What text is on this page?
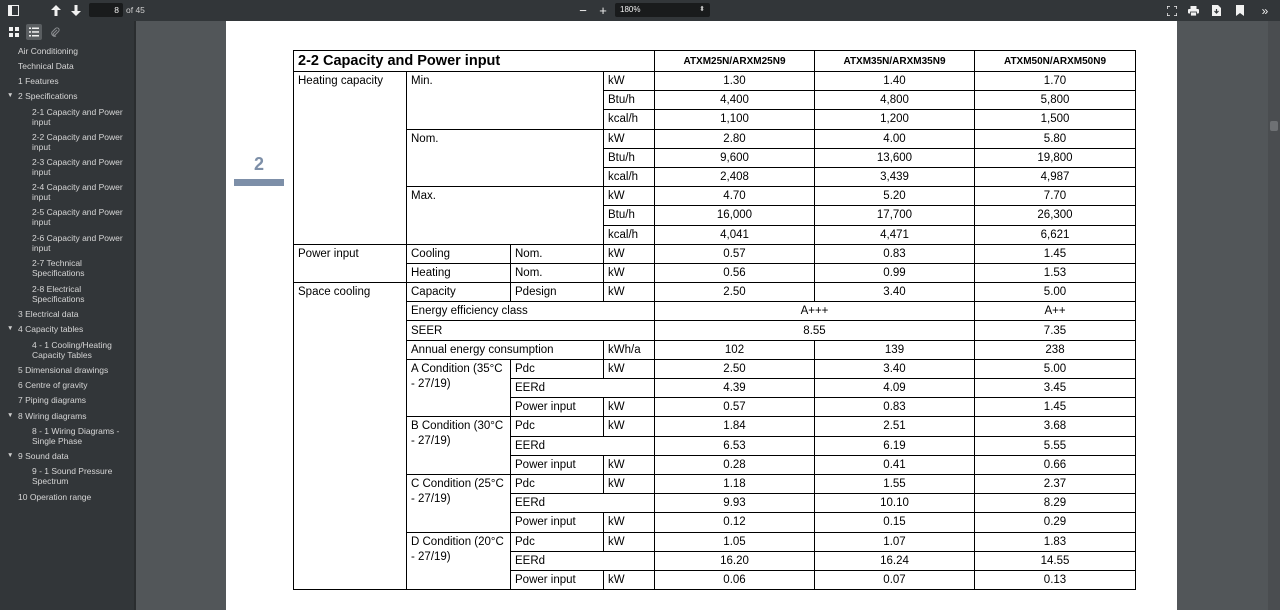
8 of 45	− +	180%	⬍	»
Air Conditioning
Technical Data
1 Features
2 Specifications
▼
2-1 Capacity and Power input
2-2 Capacity and Power input
2-3 Capacity and Power input
2-4 Capacity and Power input
2-5 Capacity and Power input
2-6 Capacity and Power input
2-7 Technical Specifications
2-8 Electrical Specifications
3 Electrical data
4 Capacity tables
▼
4 - 1 Cooling/Heating Capacity Tables
5 Dimensional drawings
6 Centre of gravity
7 Piping diagrams
8 Wiring diagrams
▼
8 - 1 Wiring Diagrams - Single Phase
9 Sound data
▼
9 - 1 Sound Pressure Spectrum
10 Operation range
2
2-2 Capacity and Power input				ATXM25N/ARXM25N9	ATXM35N/ARXM35N9	ATXM50N/ARXM50N9
Heating capacity	Min.		kW	1.30	1.40	1.70
			Btu/h	4,400	4,800	5,800
			kcal/h	1,100	1,200	1,500
	Nom.		kW	2.80	4.00	5.80
			Btu/h	9,600	13,600	19,800
			kcal/h	2,408	3,439	4,987
	Max.		kW	4.70	5.20	7.70
			Btu/h	16,000	17,700	26,300
			kcal/h	4,041	4,471	6,621
Power input	Cooling	Nom.	kW	0.57	0.83	1.45
	Heating	Nom.	kW	0.56	0.99	1.53
Space cooling	Capacity	Pdesign	kW	2.50	3.40	5.00
	Energy efficiency class			A+++		A++
	SEER			8.55		7.35
	Annual energy consumption		kWh/a	102	139	238
	A Condition (35°C - 27/19)	Pdc	kW	2.50	3.40	5.00
		EERd		4.39	4.09	3.45
		Power input	kW	0.57	0.83	1.45
	B Condition (30°C - 27/19)	Pdc	kW	1.84	2.51	3.68
		EERd		6.53	6.19	5.55
		Power input	kW	0.28	0.41	0.66
	C Condition (25°C - 27/19)	Pdc	kW	1.18	1.55	2.37
		EERd		9.93	10.10	8.29
		Power input	kW	0.12	0.15	0.29
	D Condition (20°C - 27/19)	Pdc	kW	1.05	1.07	1.83
		EERd		16.20	16.24	14.55
		Power input	kW	0.06	0.07	0.13
